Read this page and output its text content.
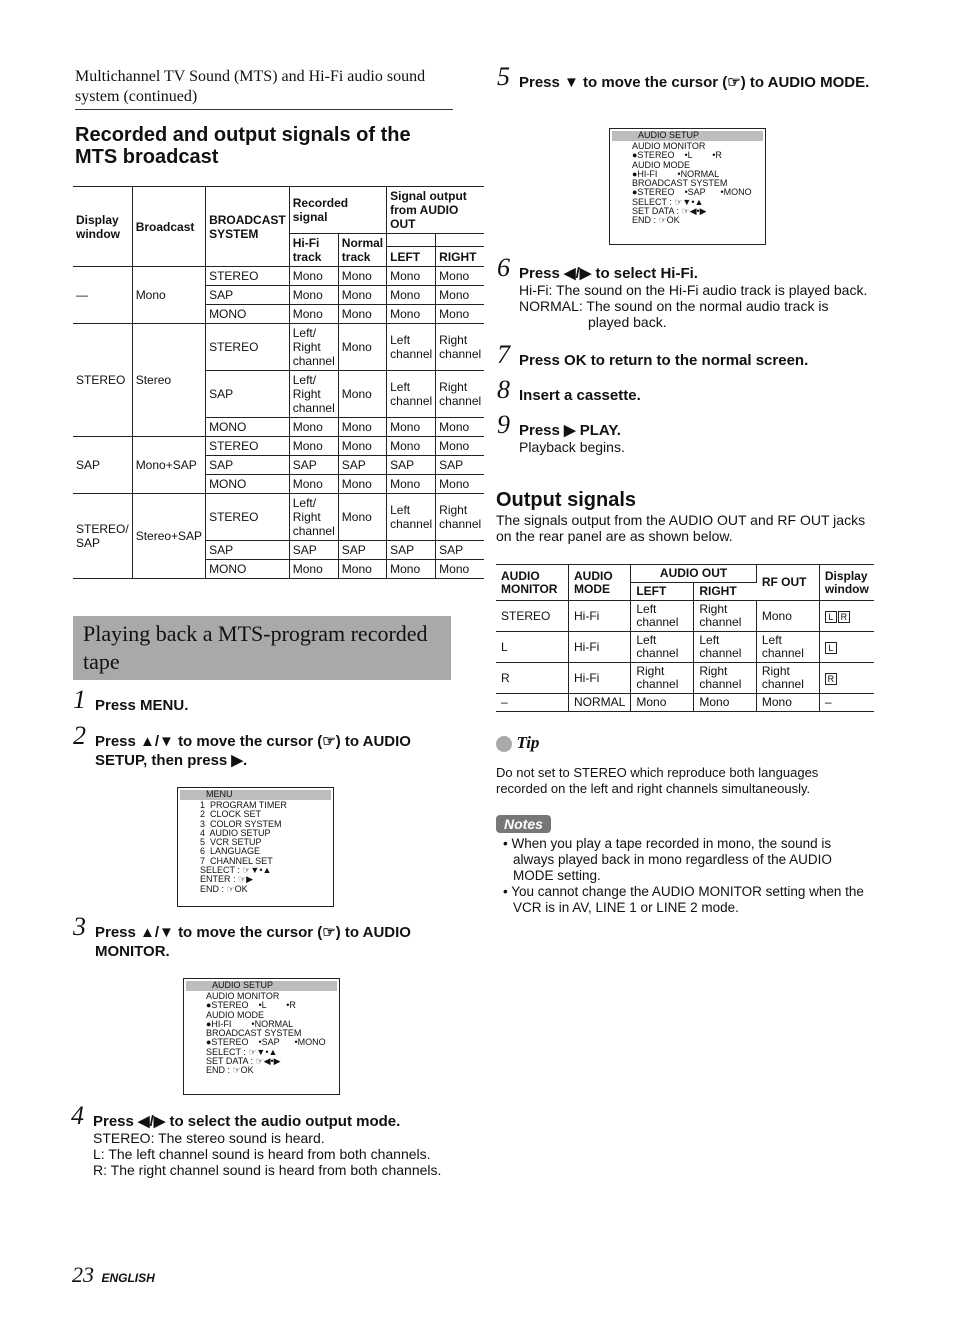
Multichannel TV Sound (MTS) and Hi-Fi audio sound system (continued)
Recorded and output signals of the MTS broadcast
Display window	Broadcast	BROADCAST SYSTEM	Recorded signal		Signal output from AUDIO OUT	
			Hi-Fi track	Normal track		
					LEFT	RIGHT
—	Mono	STEREO	Mono	Mono	Mono	Mono
		SAP	Mono	Mono	Mono	Mono
		MONO	Mono	Mono	Mono	Mono
STEREO	Stereo	STEREO	Left/ Right channel	Mono	Left channel	Right channel
		SAP	Left/ Right channel	Mono	Left channel	Right channel
		MONO	Mono	Mono	Mono	Mono
SAP	Mono+SAP	STEREO	Mono	Mono	Mono	Mono
		SAP	SAP	SAP	SAP	SAP
		MONO	Mono	Mono	Mono	Mono
STEREO/ SAP	Stereo+SAP	STEREO	Left/ Right channel	Mono	Left channel	Right channel
		SAP	SAP	SAP	SAP	SAP
		MONO	Mono	Mono	Mono	Mono
Playing back a MTS-program recorded tape
1 Press MENU.
2 Press ▲/▼ to move the cursor (☞) to AUDIO SETUP, then press ▶.
MENU
1  PROGRAM TIMER
2  CLOCK SET
3  COLOR SYSTEM
4  AUDIO SETUP
5  VCR SETUP
6  LANGUAGE
7  CHANNEL SET
SELECT : ☞▼•▲
ENTER : ☞▶
END : ☞OK
3 Press ▲/▼ to move the cursor (☞) to AUDIO MONITOR.
AUDIO SETUP
AUDIO MONITOR
●STEREO    •L        •R
AUDIO MODE
●HI-FI        •NORMAL
BROADCAST SYSTEM
●STEREO    •SAP      •MONO
SELECT : ☞▼•▲
SET DATA : ☞◀•▶
END : ☞OK
4 Press ◀/▶ to select the audio output mode.
STEREO: The stereo sound is heard.
L: The left channel sound is heard from both channels.
R: The right channel sound is heard from both channels.
23 ENGLISH
5 Press ▼ to move the cursor (☞) to AUDIO MODE.
AUDIO SETUP
AUDIO MONITOR
●STEREO    •L        •R
AUDIO MODE
●HI-FI        •NORMAL
BROADCAST SYSTEM
●STEREO    •SAP      •MONO
SELECT : ☞▼•▲
SET DATA : ☞◀•▶
END : ☞OK
6 Press ◀/▶ to select Hi-Fi.
Hi-Fi: The sound on the Hi-Fi audio track is played back.
NORMAL: The sound on the normal audio track is
played back.
7 Press OK to return to the normal screen.
8 Insert a cassette.
9 Press ▶ PLAY.
Playback begins.
Output signals
The signals output from the AUDIO OUT and RF OUT jacks on the rear panel are as shown below.
AUDIO MONITOR	AUDIO MODE	AUDIO OUT		RF OUT	Display window
		LEFT	RIGHT		
STEREO	Hi-Fi	Left channel	Right channel	Mono	L R
L	Hi-Fi	Left channel	Left channel	Left channel	L
R	Hi-Fi	Right channel	Right channel	Right channel	R
–	NORMAL	Mono	Mono	Mono	–
Tip
Do not set to STEREO which reproduce both languages recorded on the left and right channels simultaneously.
Notes
• When you play a tape recorded in mono, the sound is always played back in mono regardless of the AUDIO MODE setting.
• You cannot change the AUDIO MONITOR setting when the VCR is in AV, LINE 1 or LINE 2 mode.
